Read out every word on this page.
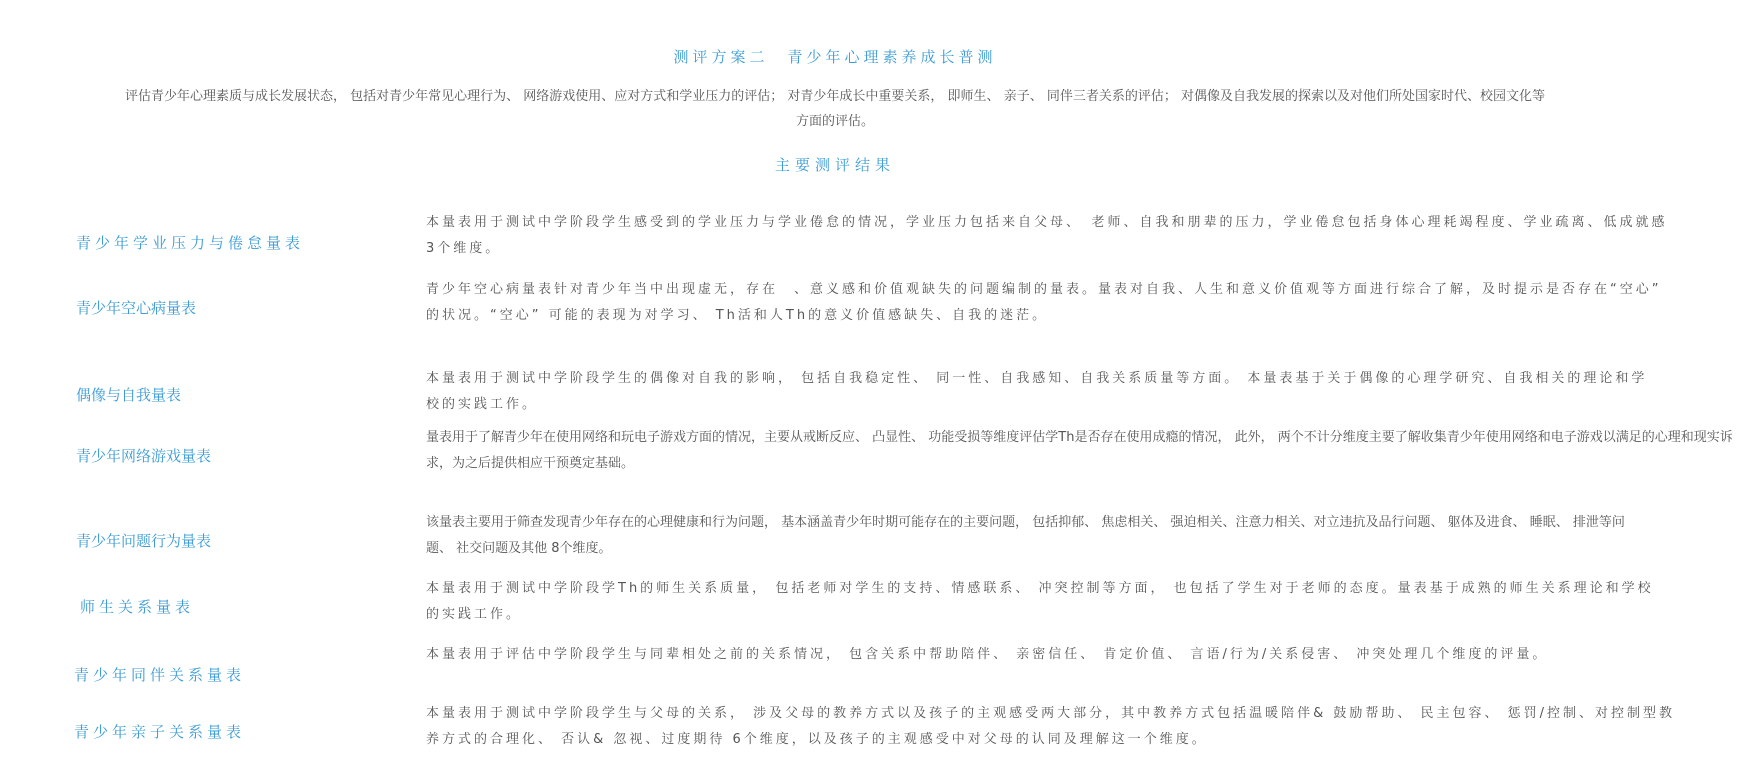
测评方案二　青少年心理素养成长普测
评估青少年心理素质与成长发展状态， 包括对青少年常见心理行为、 网络游戏使用、应对方式和学业压力的评估； 对青少年成长中重要关系， 即师生、 亲子、 同伴三者关系的评估； 对偶像及自我发展的探索以及对他们所处国家时代、校园文化等方面的评估。
主要测评结果
青少年学业压力与倦怠量表
本量表用于测试中学阶段学生感受到的学业压力与学业倦怠的情况，学业压力包括来自父母、　老师、自我和朋辈的压力，学业倦怠包括身体心理耗竭程度、学业疏离、低成就感 3个维度。
青少年空心病量表
青少年空心病量表针对青少年当中出现虚无，存在　、意义感和价值观缺失的问题编制的量表。量表对自我、人生和意义价值观等方面进行综合了解，及时提示是否存在“空心” 的状况。“空心” 可能的表现为对学习、 Th活和人Th的意义价值感缺失、自我的迷茫。
偶像与自我量表
本量表用于测试中学阶段学生的偶像对自我的影响， 包括自我稳定性、 同一性、自我感知、自我关系质量等方面。 本量表基于关于偶像的心理学研究、自我相关的理论和学校的实践工作。
青少年网络游戏量表
量表用于了解青少年在使用网络和玩电子游戏方面的情况，主要从戒断反应、 凸显性、 功能受损等维度评估学Th是否存在使用成瘾的情况， 此外， 两个不计分维度主要了解收集青少年使用网络和电子游戏以满足的心理和现实诉求，为之后提供相应干预奠定基础。
青少年问题行为量表
该量表主要用于筛查发现青少年存在的心理健康和行为问题， 基本涵盖青少年时期可能存在的主要问题， 包括抑郁、 焦虑相关、 强迫相关、注意力相关、对立违抗及品行问题、 躯体及进食、 睡眠、 排泄等问题、 社交问题及其他 8个维度。
师生关系量表
本量表用于测试中学阶段学Th的师生关系质量， 包括老师对学生的支持、情感联系、 冲突控制等方面， 也包括了学生对于老师的态度。量表基于成熟的师生关系理论和学校的实践工作。
青少年同伴关系量表
本量表用于评估中学阶段学生与同辈相处之前的关系情况， 包含关系中帮助陪伴、 亲密信任、 肯定价值、 言语/行为/关系侵害、 冲突处理几个维度的评量。
青少年亲子关系量表
本量表用于测试中学阶段学生与父母的关系， 涉及父母的教养方式以及孩子的主观感受两大部分，其中教养方式包括温暖陪伴& 鼓励帮助、 民主包容、 惩罚/控制、对控制型教养方式的合理化、 否认& 忽视、过度期待 6个维度，以及孩子的主观感受中对父母的认同及理解这一个维度。
